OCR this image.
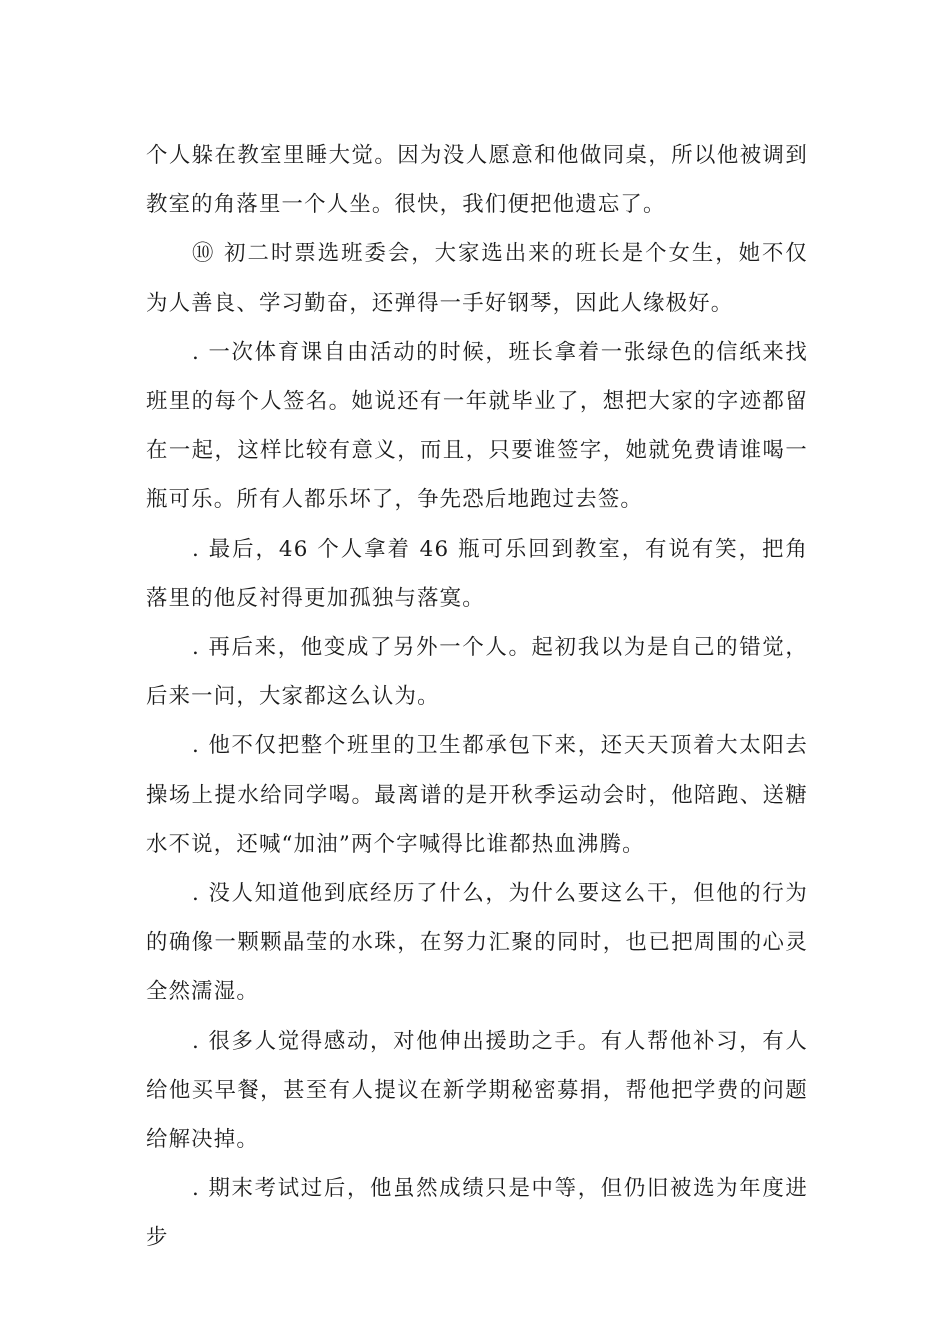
个人躲在教室里睡大觉。因为没人愿意和他做同桌，所以他被调到教室的角落里一个人坐。很快，我们便把他遗忘了。

⑩ 初二时票选班委会，大家选出来的班长是个女生，她不仅为人善良、学习勤奋，还弹得一手好钢琴，因此人缘极好。

. 一次体育课自由活动的时候，班长拿着一张绿色的信纸来找班里的每个人签名。她说还有一年就毕业了，想把大家的字迹都留在一起，这样比较有意义，而且，只要谁签字，她就免费请谁喝一瓶可乐。所有人都乐坏了，争先恐后地跑过去签。

. 最后，46 个人拿着 46 瓶可乐回到教室，有说有笑，把角落里的他反衬得更加孤独与落寞。

. 再后来，他变成了另外一个人。起初我以为是自己的错觉，后来一问，大家都这么认为。

. 他不仅把整个班里的卫生都承包下来，还天天顶着大太阳去操场上提水给同学喝。最离谱的是开秋季运动会时，他陪跑、送糖水不说，还喊“加油”两个字喊得比谁都热血沸腾。

. 没人知道他到底经历了什么，为什么要这么干，但他的行为的确像一颗颗晶莹的水珠，在努力汇聚的同时，也已把周围的心灵全然濡湿。

. 很多人觉得感动，对他伸出援助之手。有人帮他补习，有人给他买早餐，甚至有人提议在新学期秘密募捐，帮他把学费的问题给解决掉。

. 期末考试过后，他虽然成绩只是中等，但仍旧被选为年度进步
